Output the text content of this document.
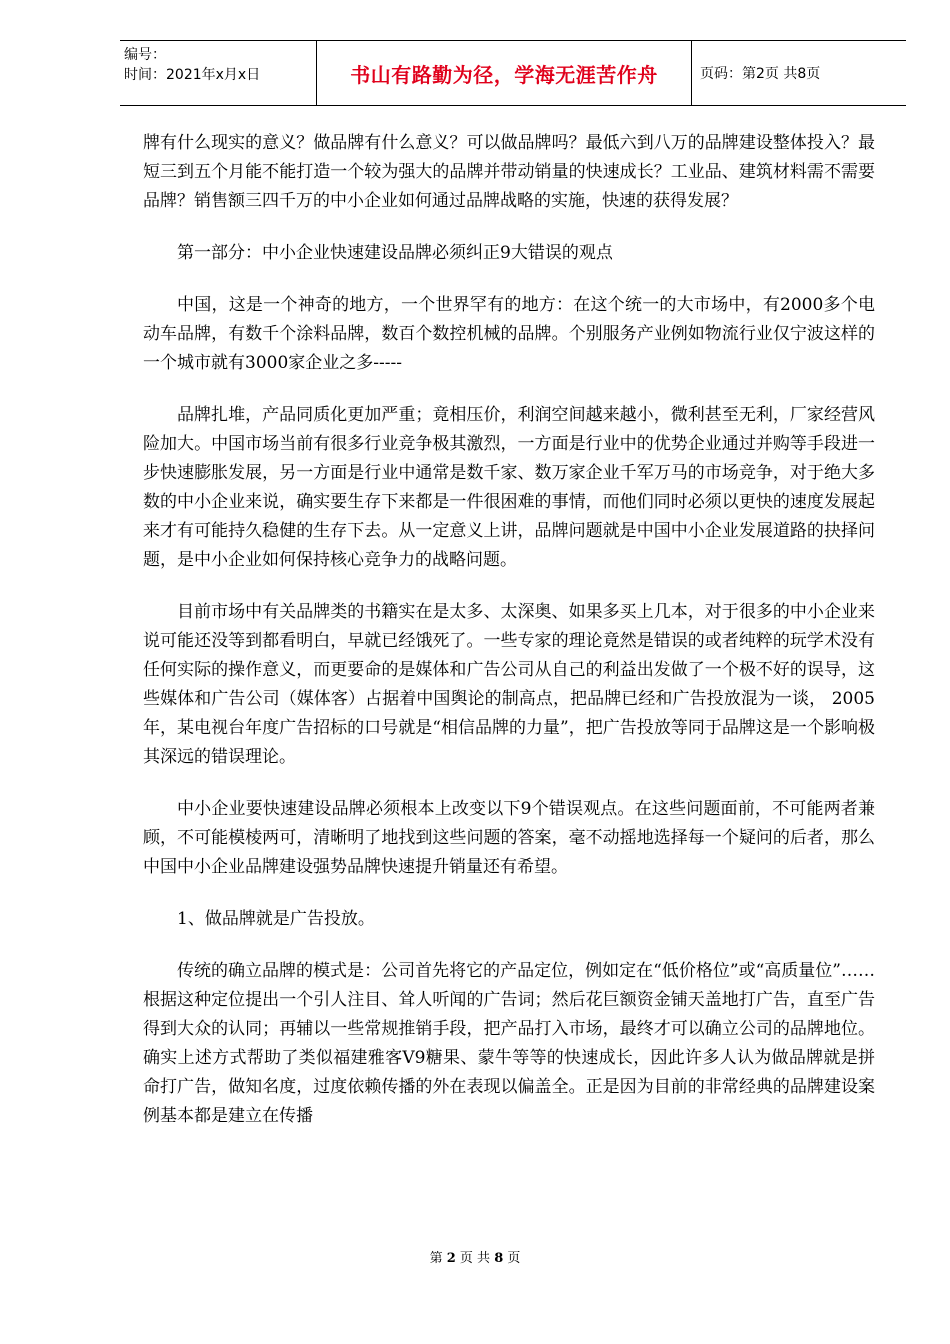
编号：
时间：2021年x月x日	书山有路勤为径，学海无涯苦作舟	页码：第2页 共8页

牌有什么现实的意义？做品牌有什么意义？可以做品牌吗？最低六到八万的品牌建设整体投入？最短三到五个月能不能打造一个较为强大的品牌并带动销量的快速成长？工业品、建筑材料需不需要品牌？销售额三四千万的中小企业如何通过品牌战略的实施，快速的获得发展？

第一部分：中小企业快速建设品牌必须纠正9大错误的观点

中国，这是一个神奇的地方，一个世界罕有的地方：在这个统一的大市场中，有2000多个电动车品牌，有数千个涂料品牌，数百个数控机械的品牌。个别服务产业例如物流行业仅宁波这样的一个城市就有3000家企业之多-----

品牌扎堆，产品同质化更加严重；竟相压价，利润空间越来越小，微利甚至无利，厂家经营风险加大。中国市场当前有很多行业竞争极其激烈，一方面是行业中的优势企业通过并购等手段进一步快速膨胀发展，另一方面是行业中通常是数千家、数万家企业千军万马的市场竞争，对于绝大多数的中小企业来说，确实要生存下来都是一件很困难的事情，而他们同时必须以更快的速度发展起来才有可能持久稳健的生存下去。从一定意义上讲，品牌问题就是中国中小企业发展道路的抉择问题，是中小企业如何保持核心竞争力的战略问题。

目前市场中有关品牌类的书籍实在是太多、太深奥、如果多买上几本，对于很多的中小企业来说可能还没等到都看明白，早就已经饿死了。一些专家的理论竟然是错误的或者纯粹的玩学术没有任何实际的操作意义，而更要命的是媒体和广告公司从自己的利益出发做了一个极不好的误导，这些媒体和广告公司（媒体客）占据着中国舆论的制高点，把品牌已经和广告投放混为一谈， 2005年，某电视台年度广告招标的口号就是“相信品牌的力量”，把广告投放等同于品牌这是一个影响极其深远的错误理论。

中小企业要快速建设品牌必须根本上改变以下9个错误观点。在这些问题面前，不可能两者兼顾，不可能模棱两可，清晰明了地找到这些问题的答案，毫不动摇地选择每一个疑问的后者，那么中国中小企业品牌建设强势品牌快速提升销量还有希望。

1、做品牌就是广告投放。

传统的确立品牌的模式是：公司首先将它的产品定位，例如定在“低价格位”或“高质量位”……根据这种定位提出一个引人注目、耸人听闻的广告词；然后花巨额资金铺天盖地打广告，直至广告得到大众的认同；再辅以一些常规推销手段，把产品打入市场，最终才可以确立公司的品牌地位。确实上述方式帮助了类似福建雅客V9糖果、蒙牛等等的快速成长，因此许多人认为做品牌就是拼命打广告，做知名度，过度依赖传播的外在表现以偏盖全。正是因为目前的非常经典的品牌建设案例基本都是建立在传播

第 2 页 共 8 页
